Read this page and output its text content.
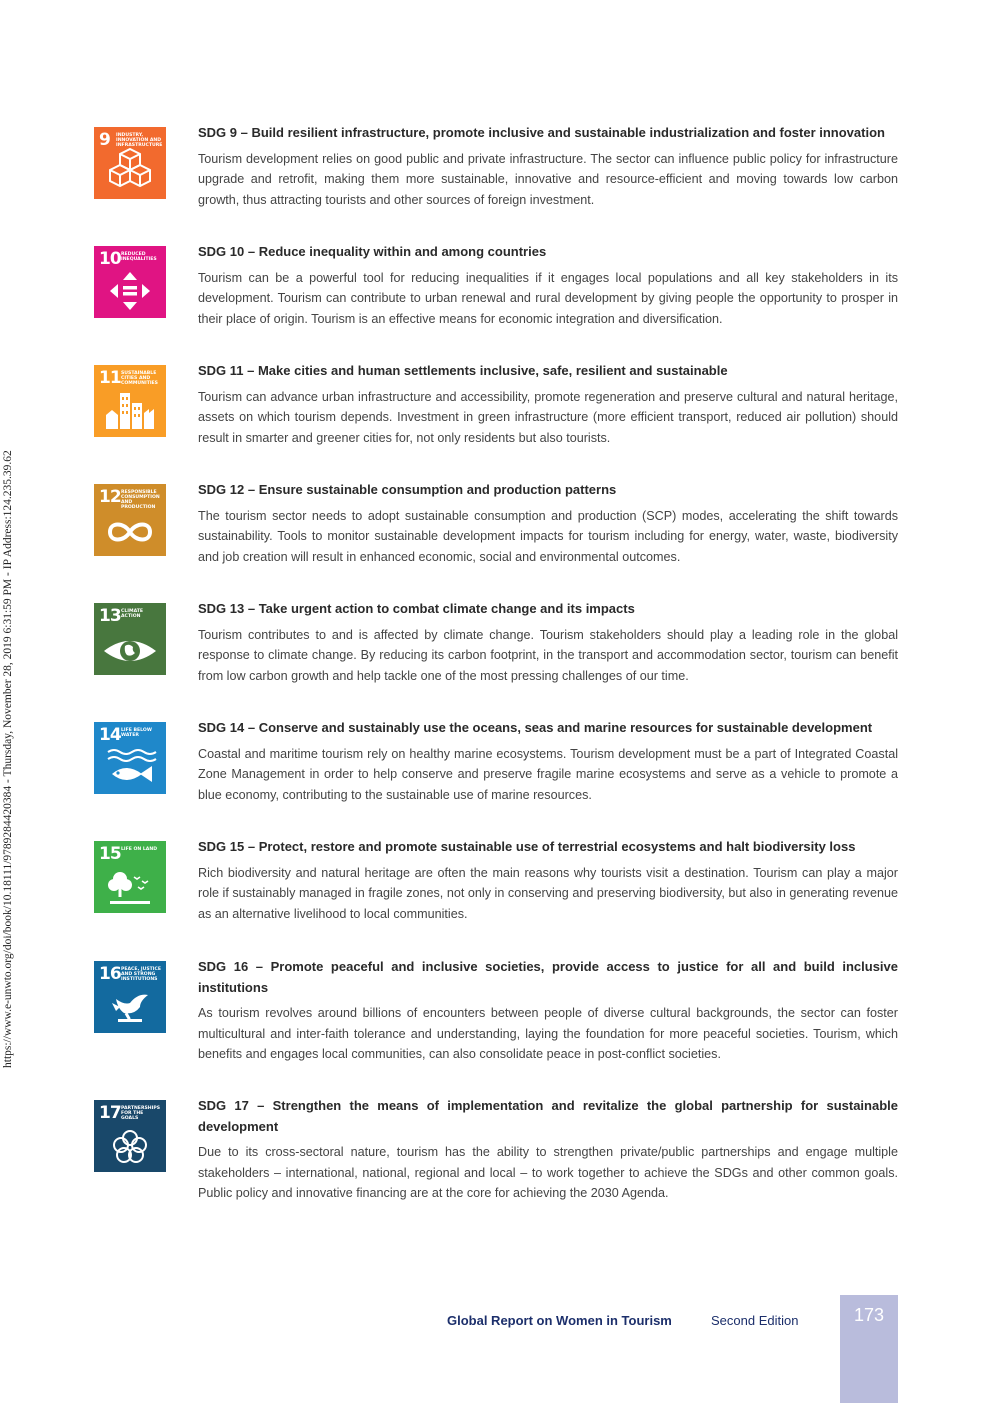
https://www.e-unwto.org/doi/book/10.18111/9789284420384 - Thursday, November 28, 2019 6:31:59 PM - IP Address:124.235.39.62
9 INDUSTRY, INNOVATION AND INFRASTRUCTURE

SDG 9 – Build resilient infrastructure, promote inclusive and sustainable industrialization and foster innovation

Tourism development relies on good public and private infrastructure. The sector can influence public policy for infrastructure upgrade and retrofit, making them more sustainable, innovative and resource-efficient and moving towards low carbon growth, thus attracting tourists and other sources of foreign investment.

10 REDUCED INEQUALITIES

SDG 10 – Reduce inequality within and among countries

Tourism can be a powerful tool for reducing inequalities if it engages local populations and all key stakeholders in its development. Tourism can contribute to urban renewal and rural development by giving people the opportunity to prosper in their place of origin. Tourism is an effective means for economic integration and diversification.

11 SUSTAINABLE CITIES AND COMMUNITIES

SDG 11 – Make cities and human settlements inclusive, safe, resilient and sustainable

Tourism can advance urban infrastructure and accessibility, promote regeneration and preserve cultural and natural heritage, assets on which tourism depends. Investment in green infrastructure (more efficient transport, reduced air pollution) should result in smarter and greener cities for, not only residents but also tourists.

12 RESPONSIBLE CONSUMPTION AND PRODUCTION

SDG 12 – Ensure sustainable consumption and production patterns

The tourism sector needs to adopt sustainable consumption and production (SCP) modes, accelerating the shift towards sustainability. Tools to monitor sustainable development impacts for tourism including for energy, water, waste, biodiversity and job creation will result in enhanced economic, social and environmental outcomes.

13 CLIMATE ACTION

SDG 13 – Take urgent action to combat climate change and its impacts

Tourism contributes to and is affected by climate change. Tourism stakeholders should play a leading role in the global response to climate change. By reducing its carbon footprint, in the transport and accommodation sector, tourism can benefit from low carbon growth and help tackle one of the most pressing challenges of our time.

14 LIFE BELOW WATER

SDG 14 – Conserve and sustainably use the oceans, seas and marine resources for sustainable development

Coastal and maritime tourism rely on healthy marine ecosystems. Tourism development must be a part of Integrated Coastal Zone Management in order to help conserve and preserve fragile marine ecosystems and serve as a vehicle to promote a blue economy, contributing to the sustainable use of marine resources.

15 LIFE ON LAND	SDG 15 – Protect, restore and promote sustainable use of terrestrial ecosystems and halt biodiversity loss

Rich biodiversity and natural heritage are often the main reasons why tourists visit a destination. Tourism can play a major role if sustainably managed in fragile zones, not only in conserving and preserving biodiversity, but also in generating revenue as an alternative livelihood to local communities.

16 PEACE, JUSTICE AND STRONG INSTITUTIONS

SDG 16 – Promote peaceful and inclusive societies, provide access to justice for all and build inclusive institutions

As tourism revolves around billions of encounters between people of diverse cultural backgrounds, the sector can foster multicultural and inter-faith tolerance and understanding, laying the foundation for more peaceful societies. Tourism, which benefits and engages local communities, can also consolidate peace in post-conflict societies.

17 PARTNERSHIPS FOR THE GOALS

SDG 17 – Strengthen the means of implementation and revitalize the global partnership for sustainable development

Due to its cross-sectoral nature, tourism has the ability to strengthen private/public partnerships and engage multiple stakeholders – international, national, regional and local – to work together to achieve the SDGs and other common goals. Public policy and innovative financing are at the core for achieving the 2030 Agenda.

Global Report on Women in Tourism	Second Edition	173
